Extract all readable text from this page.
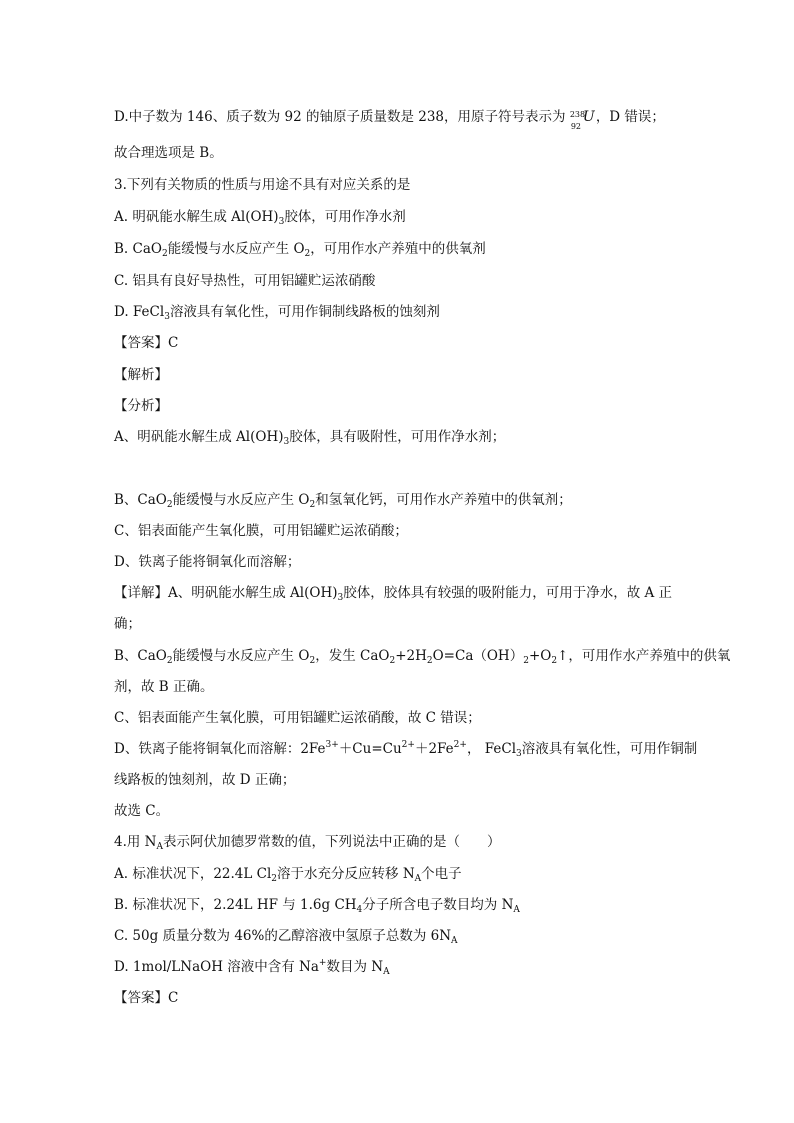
D.中子数为 146、质子数为 92 的铀原子质量数是 238，用原子符号表示为 238
92
U ，D 错误；
故合理选项是 B。
3.下列有关物质的性质与用途不具有对应关系的是
A. 明矾能水解生成 $Al(OH)_3$胶体，可用作净水剂
B. CaO$_2$能缓慢与水反应产生 $O_2$，可用作水产养殖中的供氧剂
C. 铝具有良好导热性，可用铝罐贮运浓硝酸
D. FeCl$_3$溶液具有氧化性，可用作铜制线路板的蚀刻剂
【答案】C
【解析】
【分析】
A、明矾能水解生成 $Al(OH)_3$胶体，具有吸附性，可用作净水剂；
B、CaO$_2$能缓慢与水反应产生 $O_2$和氢氧化钙，可用作水产养殖中的供氧剂；
C、铝表面能产生氧化膜，可用铝罐贮运浓硝酸；
D、铁离子能将铜氧化而溶解；
【详解】A、明矾能水解生成 $Al(OH)_3$胶体，胶体具有较强的吸附能力，可用于净水，故 A 正
确；
B、CaO$_2$能缓慢与水反应产生 $O_2$，发生 $CaO_2+2H_2O=Ca(OH)_2+O_2↑$，可用作水产养殖中的供氧
剂，故 B 正确。
C、铝表面能产生氧化膜，可用铝罐贮运浓硝酸，故 C 错误；
D、铁离子能将铜氧化而溶解：$2Fe^{3+}+Cu=Cu^{2+}+2Fe^{2+}$， FeCl$_3$溶液具有氧化性，可用作铜制
线路板的蚀刻剂，故 D 正确；
故选 C。
4.用 $N_A$表示阿伏加德罗常数的值，下列说法中正确的是（　　）
A. 标准状况下，22.4L $Cl_2$溶于水充分反应转移 $N_A$个电子
B. 标准状况下，2.24L HF 与 1.6g $CH_4$分子所含电子数目均为 $N_A$
C. 50g 质量分数为 46%的乙醇溶液中氢原子总数为 $6N_A$
D. 1mol/LNaOH 溶液中含有 Na+数目为 $N_A$
【答案】C
